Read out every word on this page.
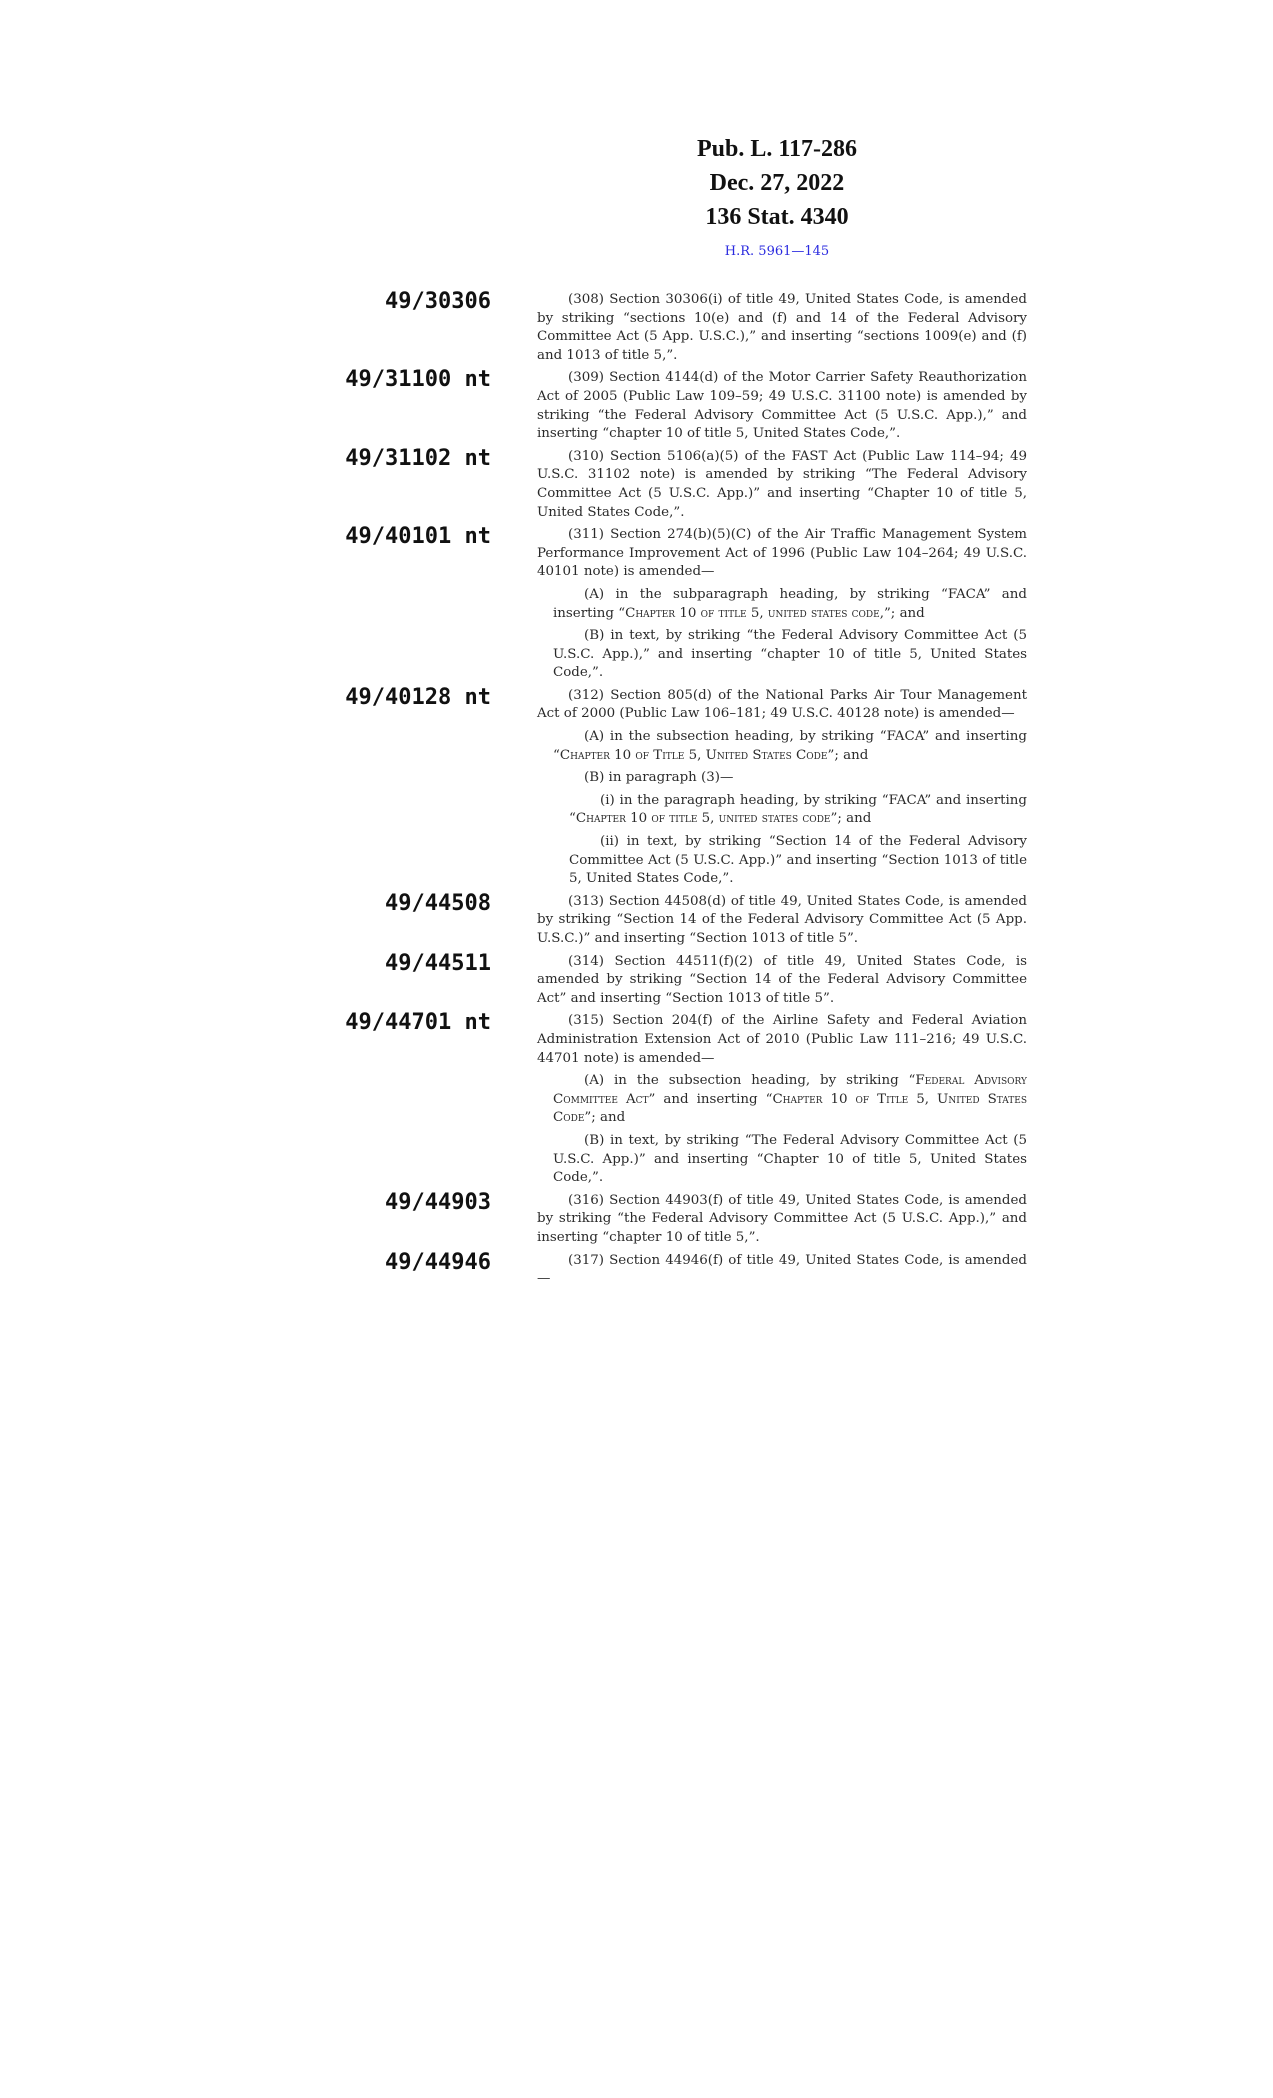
Pub. L. 117-286
Dec. 27, 2022
136 Stat. 4340
H.R. 5961—145
49/30306	(308) Section 30306(i) of title 49, United States Code, is amended by striking “sections 10(e) and (f) and 14 of the Federal Advisory Committee Act (5 App. U.S.C.),” and inserting “sections 1009(e) and (f) and 1013 of title 5,”.
49/31100 nt	(309) Section 4144(d) of the Motor Carrier Safety Reauthorization Act of 2005 (Public Law 109–59; 49 U.S.C. 31100 note) is amended by striking “the Federal Advisory Committee Act (5 U.S.C. App.),” and inserting “chapter 10 of title 5, United States Code,”.
49/31102 nt	(310) Section 5106(a)(5) of the FAST Act (Public Law 114–94; 49 U.S.C. 31102 note) is amended by striking “The Federal Advisory Committee Act (5 U.S.C. App.)” and inserting “Chapter 10 of title 5, United States Code,”.
49/40101 nt	(311) Section 274(b)(5)(C) of the Air Traffic Management System Performance Improvement Act of 1996 (Public Law 104–264; 49 U.S.C. 40101 note) is amended—
(A) in the subparagraph heading, by striking “FACA” and inserting “Chapter 10 of title 5, united states code,”; and
(B) in text, by striking “the Federal Advisory Committee Act (5 U.S.C. App.),” and inserting “chapter 10 of title 5, United States Code,”.
49/40128 nt	(312) Section 805(d) of the National Parks Air Tour Management Act of 2000 (Public Law 106–181; 49 U.S.C. 40128 note) is amended—
(A) in the subsection heading, by striking “FACA” and inserting “Chapter 10 of Title 5, United States Code”; and
(B) in paragraph (3)—
(i) in the paragraph heading, by striking “FACA” and inserting “Chapter 10 of title 5, united states code”; and
(ii) in text, by striking “Section 14 of the Federal Advisory Committee Act (5 U.S.C. App.)” and inserting “Section 1013 of title 5, United States Code,”.
49/44508	(313) Section 44508(d) of title 49, United States Code, is amended by striking “Section 14 of the Federal Advisory Committee Act (5 App. U.S.C.)” and inserting “Section 1013 of title 5”.
49/44511	(314) Section 44511(f)(2) of title 49, United States Code, is amended by striking “Section 14 of the Federal Advisory Committee Act” and inserting “Section 1013 of title 5”.
49/44701 nt	(315) Section 204(f) of the Airline Safety and Federal Aviation Administration Extension Act of 2010 (Public Law 111–216; 49 U.S.C. 44701 note) is amended—
(A) in the subsection heading, by striking “Federal Advisory Committee Act” and inserting “Chapter 10 of Title 5, United States Code”; and
(B) in text, by striking “The Federal Advisory Committee Act (5 U.S.C. App.)” and inserting “Chapter 10 of title 5, United States Code,”.
49/44903	(316) Section 44903(f) of title 49, United States Code, is amended by striking “the Federal Advisory Committee Act (5 U.S.C. App.),” and inserting “chapter 10 of title 5,”.
49/44946	(317) Section 44946(f) of title 49, United States Code, is amended—
